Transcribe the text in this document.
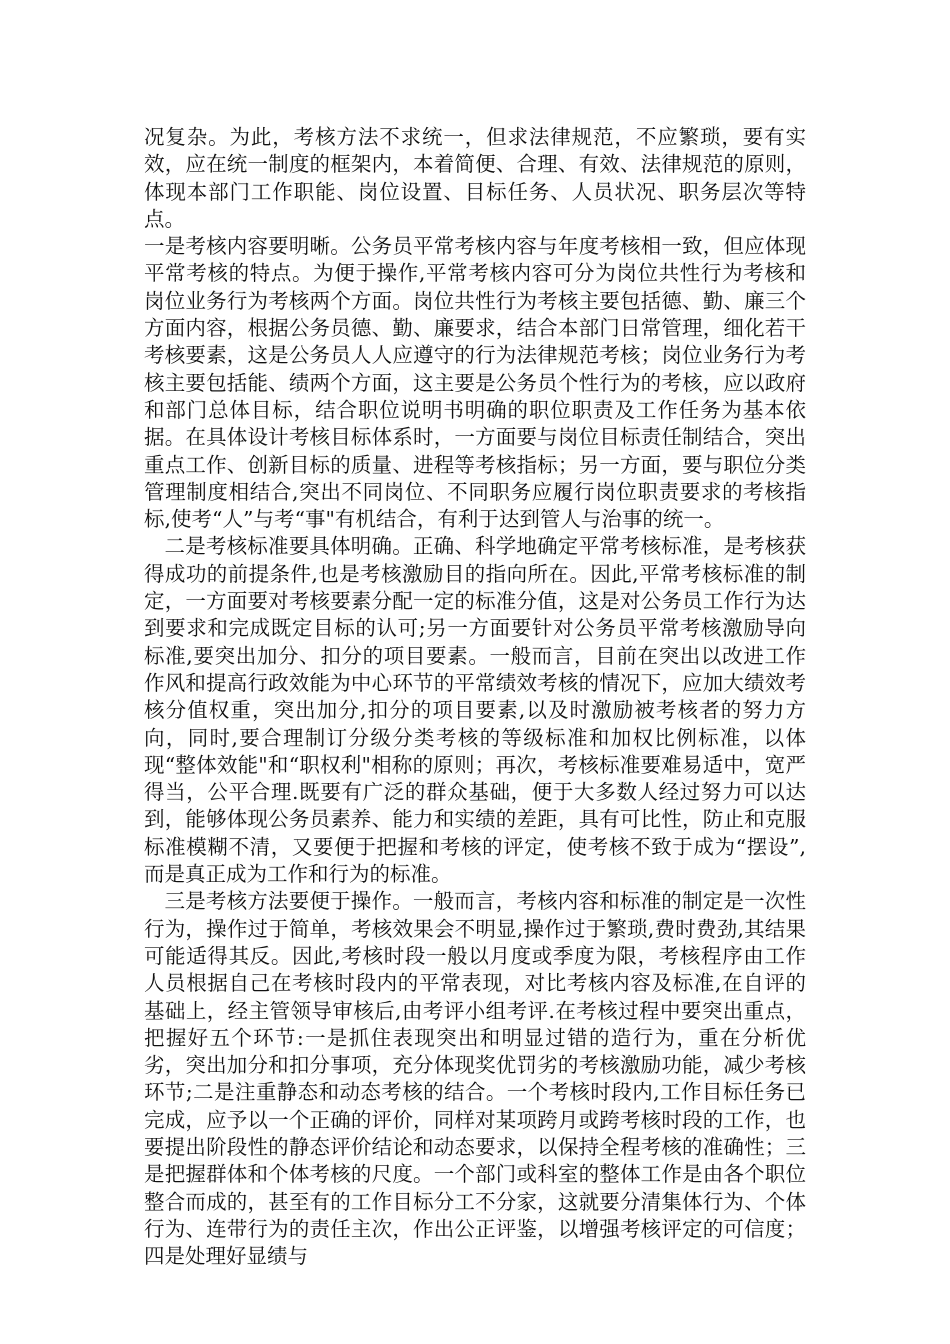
况复杂。为此，考核方法不求统一，但求法律规范，不应繁琐，要有实效，应在统一制度的框架内，本着简便、合理、有效、法律规范的原则，体现本部门工作职能、岗位设置、目标任务、人员状况、职务层次等特点。

一是考核内容要明晰。公务员平常考核内容与年度考核相一致，但应体现平常考核的特点。为便于操作,平常考核内容可分为岗位共性行为考核和岗位业务行为考核两个方面。岗位共性行为考核主要包括德、勤、廉三个方面内容，根据公务员德、勤、廉要求，结合本部门日常管理，细化若干考核要素，这是公务员人人应遵守的行为法律规范考核；岗位业务行为考核主要包括能、绩两个方面，这主要是公务员个性行为的考核，应以政府和部门总体目标，结合职位说明书明确的职位职责及工作任务为基本依据。在具体设计考核目标体系时，一方面要与岗位目标责任制结合，突出重点工作、创新目标的质量、进程等考核指标；另一方面，要与职位分类管理制度相结合,突出不同岗位、不同职务应履行岗位职责要求的考核指标,使考“人”与考“事"有机结合，有利于达到管人与治事的统一。

二是考核标准要具体明确。正确、科学地确定平常考核标准，是考核获得成功的前提条件,也是考核激励目的指向所在。因此,平常考核标准的制定，一方面要对考核要素分配一定的标准分值，这是对公务员工作行为达到要求和完成既定目标的认可;另一方面要针对公务员平常考核激励导向标准,要突出加分、扣分的项目要素。一般而言，目前在突出以改进工作作风和提高行政效能为中心环节的平常绩效考核的情况下，应加大绩效考核分值权重，突出加分,扣分的项目要素,以及时激励被考核者的努力方向，同时,要合理制订分级分类考核的等级标准和加权比例标准，以体现“整体效能"和“职权利"相称的原则；再次，考核标准要难易适中，宽严得当，公平合理.既要有广泛的群众基础，便于大多数人经过努力可以达到，能够体现公务员素养、能力和实绩的差距，具有可比性，防止和克服标准模糊不清，又要便于把握和考核的评定，使考核不致于成为“摆设”,而是真正成为工作和行为的标准。

三是考核方法要便于操作。一般而言，考核内容和标准的制定是一次性行为，操作过于简单，考核效果会不明显,操作过于繁琐,费时费劲,其结果可能适得其反。因此,考核时段一般以月度或季度为限，考核程序由工作人员根据自己在考核时段内的平常表现，对比考核内容及标准,在自评的基础上，经主管领导审核后,由考评小组考评.在考核过程中要突出重点，把握好五个环节:一是抓住表现突出和明显过错的造行为，重在分析优劣，突出加分和扣分事项，充分体现奖优罚劣的考核激励功能，减少考核环节;二是注重静态和动态考核的结合。一个考核时段内,工作目标任务已完成，应予以一个正确的评价，同样对某项跨月或跨考核时段的工作，也要提出阶段性的静态评价结论和动态要求，以保持全程考核的准确性；三是把握群体和个体考核的尺度。一个部门或科室的整体工作是由各个职位整合而成的，甚至有的工作目标分工不分家，这就要分清集体行为、个体行为、连带行为的责任主次，作出公正评鉴，以增强考核评定的可信度；四是处理好显绩与
